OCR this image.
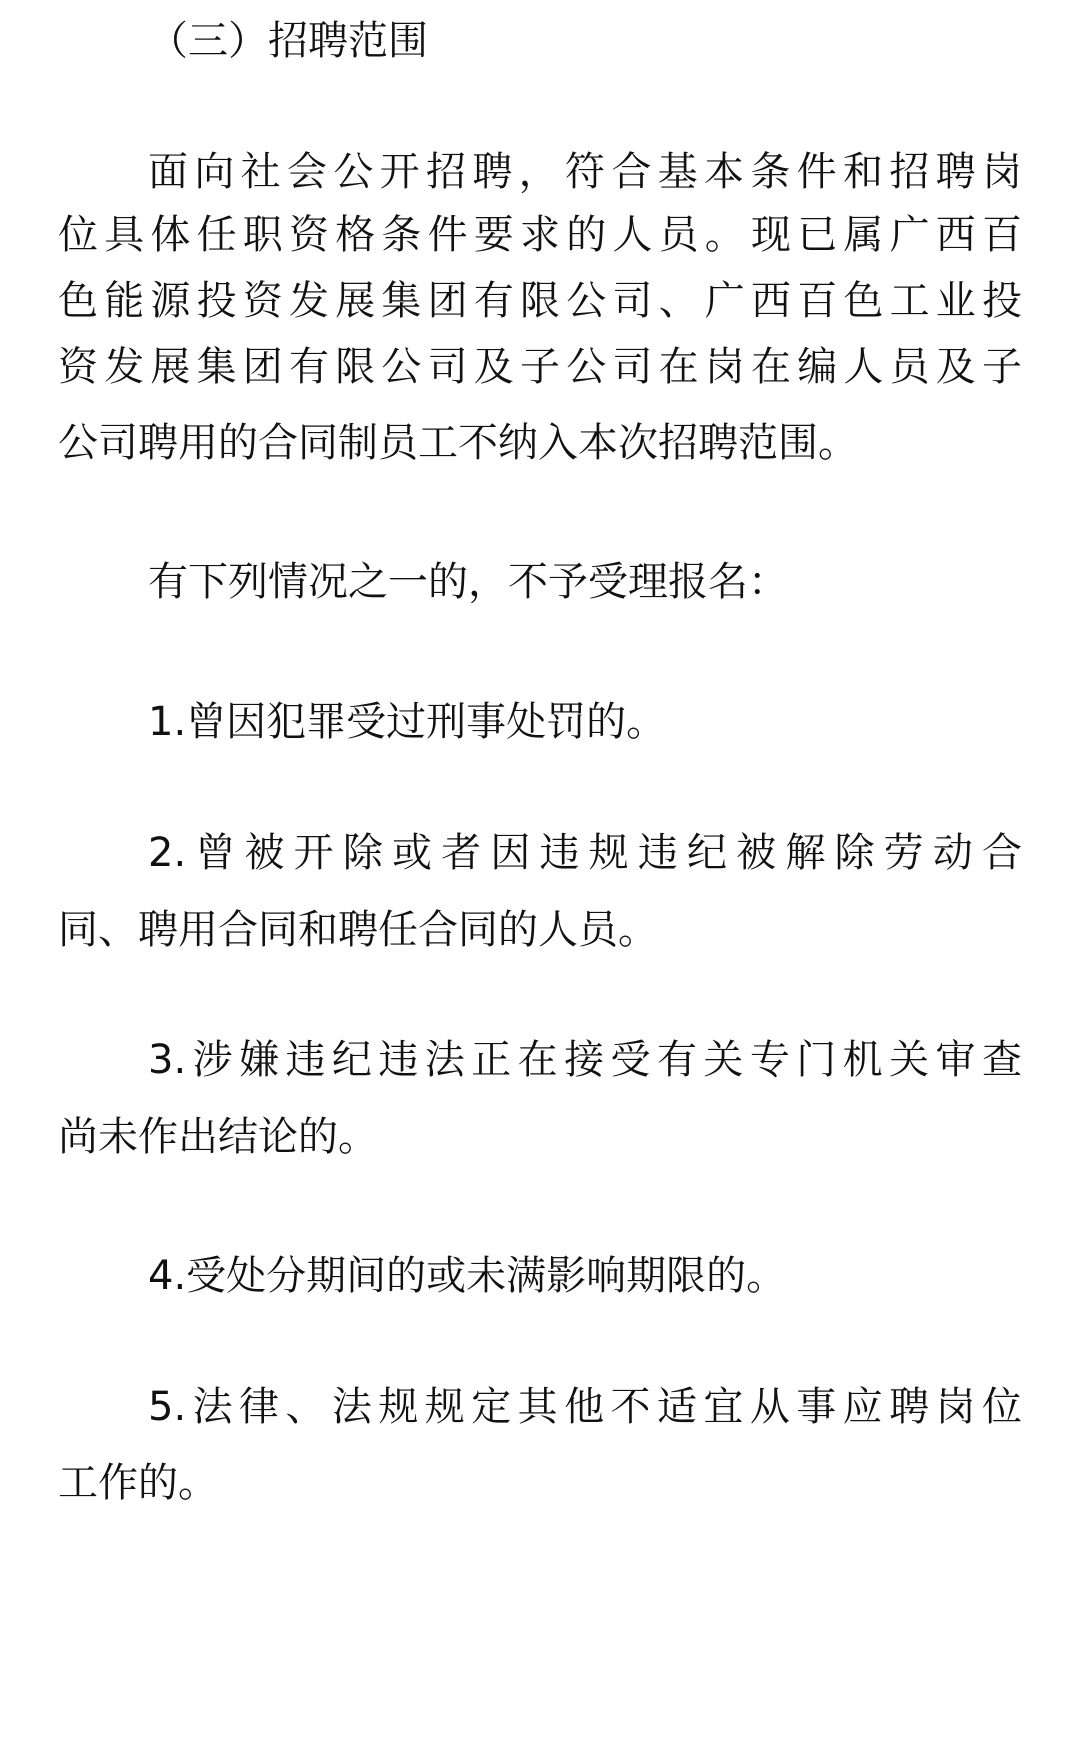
（三）招聘范围
面向社会公开招聘，符合基本条件和招聘岗
位具体任职资格条件要求的人员。现已属广西百
色能源投资发展集团有限公司、广西百色工业投
资发展集团有限公司及子公司在岗在编人员及子
公司聘用的合同制员工不纳入本次招聘范围。
有下列情况之一的，不予受理报名：
1.曾因犯罪受过刑事处罚的。
2.曾被开除或者因违规违纪被解除劳动合
同、聘用合同和聘任合同的人员。
3.涉嫌违纪违法正在接受有关专门机关审查
尚未作出结论的。
4.受处分期间的或未满影响期限的。
5.法律、法规规定其他不适宜从事应聘岗位
工作的。
